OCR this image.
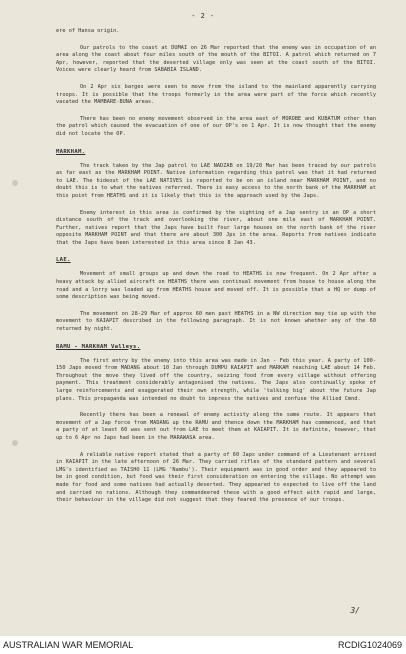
- 2 -

ere of Hansa origin.

Our patrols to the coast at DUMAI on 26 Mar reported that the enemy was in occupation of an area along the coast about four miles south of the mouth of the BITOI. A patrol which returned on 7 Apr, however, reported that the deserted village only was seen at the coast south of the BITOI. Voices were clearly heard from SABABIA ISLAND.

On 2 Apr six barges were seen to move from the island to the mainland apparently carrying troops. It is possible that the troops formerly in the area were part of the force which recently vacated the MAMBARE-BUNA areas.

There has been no enemy movement observed in the area east of MOROBE and KUBATUM other than the patrol which caused the evacuation of one of our OP's on 1 Apr. It is now thought that the enemy did not locate the OP.

MARKHAM.

The track taken by the Jap patrol to LAE NADZAB on 19/20 Mar has been traced by our patrols as far east as the MARKHAM POINT. Native information regarding this patrol was that it had returned to LAE. The hideout of the LAE NATIVES is reported to be on an island near MARKHAM POINT, and no doubt this is to what the natives referred. There is easy access to the north bank of the MARKHAM at this point from HEATHS and it is likely that this is the approach used by the Japs.

Enemy interest in this area is confirmed by the sighting of a Jap sentry in an OP a short distance south of the track and overlooking the river, about one mile east of MARKHAM POINT. Further, natives report that the Japs have built four large houses on the north bank of the river opposite MARKHAM POINT and that there are about 300 Jps in the area. Reports from natives indicate that the Japs have been interested in this area since 8 Jan 43.

LAE.

Movement of small groups up and down the road to HEATHS is now frequent. On 2 Apr after a heavy attack by allied aircraft on HEATHS there was continual movement from house to house along the road and a lorry was loaded up from HEATHS house and moved off. It is possible that a HQ or dump of some description was being moved.

The movement on 28-29 Mar of approx 60 men past HEATHS in a NW direction may tie up with the movement to KAIAPIT described in the following paragraph. It is not known whether any of the 60 returned by night.

RAMU - MARKHAM Valleys.

The first entry by the enemy into this area was made in Jan - Feb this year. A party of 100-150 Japs moved from MADANG about 10 Jan through DUMPU KAIAPIT and MARKAM reaching LAE about 14 Feb. Throughout the move they lived off the country, seizing food from every village without offering payment. This treatment considerably antagonised the natives. The Japs also continually spoke of large reinforcements and exaggerated their own strength, while 'talking big' about the future Jap plans. This propaganda was intended no doubt to impress the natives and confuse the Allied Cmnd.

Recently there has been a renewal of enemy activity along the same route. It appears that movement of a Jap force from MADANG up the RAMU and thence down the MARKHAM has commenced, and that a party of at least 60 was sent out from LAE to meet them at KAIAPIT. It is definite, however, that up to 6 Apr no Japs had been in the MARAWASA area.

A reliable native report stated that a party of 60 Japs under command of a Lieutenant arrived in KAIAPIT in the late afternoon of 26 Mar. They carried rifles of the standard pattern and several LMG's identified as TAISHO 11 (LMG 'Nambu'). Their equipment was in good order and they appeared to be in good condition, but food was their first consideration on entering the village. No attempt was made for food and some natives had actually deserted. They appeared to expected to live off the land and carried no rations. Although they commandeered these with a good effect with rapid and large, their behaviour in the village did not suggest that they feared the presence of our troops.

3/
AUSTRALIAN WAR MEMORIAL	RCDIG1024069
